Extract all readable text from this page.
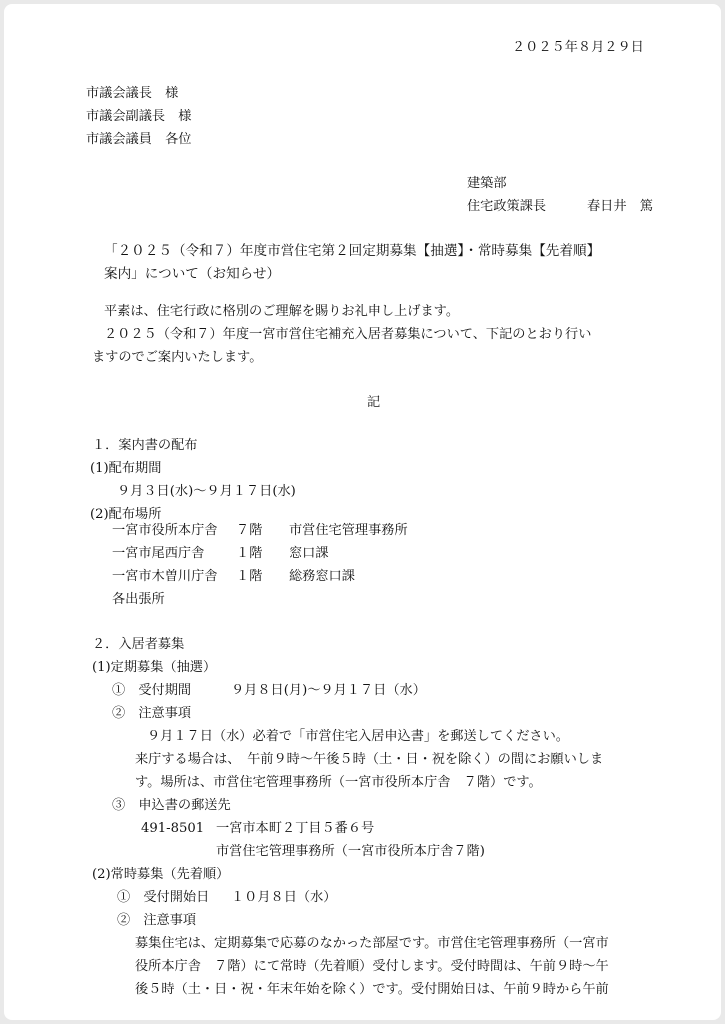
２０２５年８月２９日
市議会議長　様
市議会副議長　様
市議会議員　各位
建築部
住宅政策課長	春日井　篤
「２０２５（令和７）年度市営住宅第２回定期募集【抽選】・常時募集【先着順】
案内」について（お知らせ）
平素は、住宅行政に格別のご理解を賜りお礼申し上げます。
２０２５（令和７）年度一宮市営住宅補充入居者募集について、下記のとおり行い
ますのでご案内いたします。
記
１．案内書の配布
(1)配布期間
９月３日(水)～９月１７日(水)
(2)配布場所
一宮市役所本庁舎 ７階 市営住宅管理事務所
一宮市尾西庁舎 １階 窓口課
一宮市木曽川庁舎 １階 総務窓口課
各出張所
２．入居者募集
(1)定期募集（抽選）
①　受付期間	９月８日(月)～９月１７日（水）
②　注意事項
９月１７日（水）必着で「市営住宅入居申込書」を郵送してください。
来庁する場合は、　午前９時～午後５時（土・日・祝を除く）の間にお願いしま
す。場所は、市営住宅管理事務所（一宮市役所本庁舎　７階）です。
③　申込書の郵送先
491-8501 一宮市本町２丁目５番６号
市営住宅管理事務所（一宮市役所本庁舎７階)
(2)常時募集（先着順）
①　受付開始日 １０月８日（水）
②　注意事項
募集住宅は、定期募集で応募のなかった部屋です。市営住宅管理事務所（一宮市
役所本庁舎　７階）にて常時（先着順）受付します。受付時間は、午前９時～午
後５時（土・日・祝・年末年始を除く）です。受付開始日は、午前９時から午前
